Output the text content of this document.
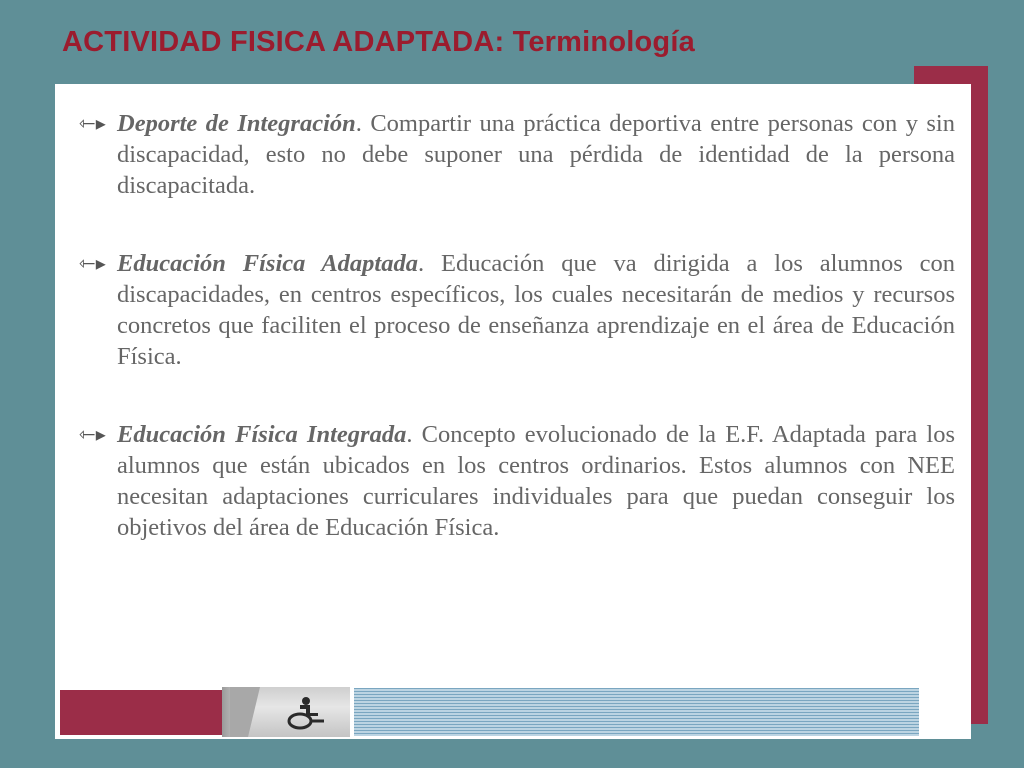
ACTIVIDAD FISICA ADAPTADA: Terminología
⇽▸ Deporte de Integración. Compartir una práctica deportiva entre personas con y sin discapacidad, esto no debe suponer una pérdida de identidad de la persona discapacitada.
⇽▸ Educación Física Adaptada. Educación que va dirigida a los alumnos con discapacidades, en centros específicos, los cuales necesitarán de medios y recursos concretos que faciliten el proceso de enseñanza aprendizaje en el área de Educación Física.
⇽▸ Educación Física Integrada. Concepto evolucionado de la E.F. Adaptada para los alumnos que están ubicados en los centros ordinarios. Estos alumnos con NEE necesitan adaptaciones curriculares individuales para que puedan conseguir los objetivos del área de Educación Física.
